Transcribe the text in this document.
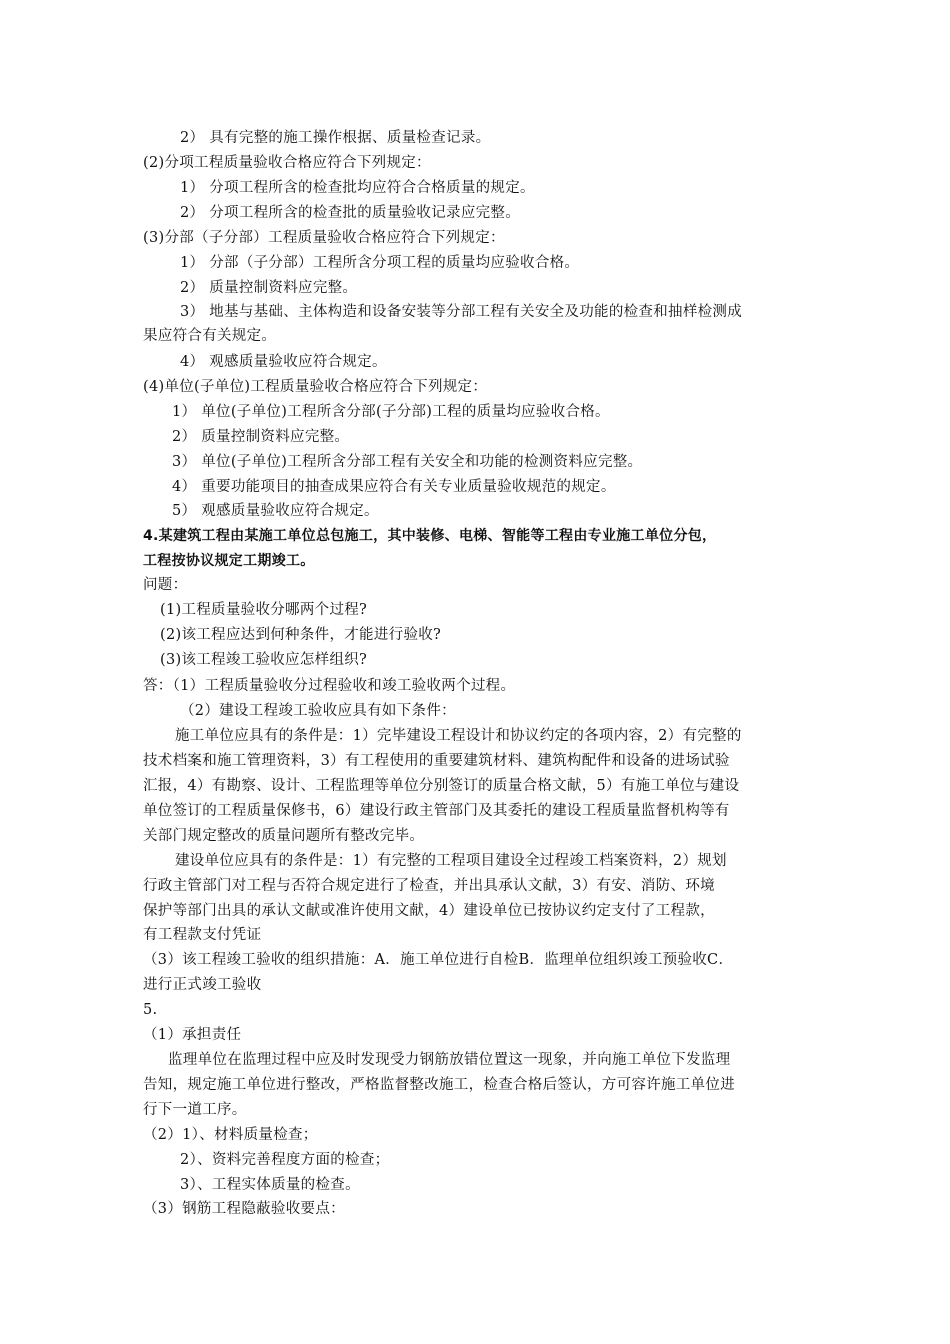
2） 具有完整的施工操作根据、质量检查记录。
(2)分项工程质量验收合格应符合下列规定：
1） 分项工程所含的检查批均应符合合格质量的规定。
2） 分项工程所含的检查批的质量验收记录应完整。
(3)分部（子分部）工程质量验收合格应符合下列规定：
1） 分部（子分部）工程所含分项工程的质量均应验收合格。
2） 质量控制资料应完整。
3） 地基与基础、主体构造和设备安装等分部工程有关安全及功能的检查和抽样检测成
果应符合有关规定。
4） 观感质量验收应符合规定。
(4)单位(子单位)工程质量验收合格应符合下列规定：
1） 单位(子单位)工程所含分部(子分部)工程的质量均应验收合格。
2） 质量控制资料应完整。
3） 单位(子单位)工程所含分部工程有关安全和功能的检测资料应完整。
4） 重要功能项目的抽查成果应符合有关专业质量验收规范的规定。
5） 观感质量验收应符合规定。
4.某建筑工程由某施工单位总包施工，其中装修、电梯、智能等工程由专业施工单位分包，
工程按协议规定工期竣工。
问题：
(1)工程质量验收分哪两个过程?
(2)该工程应达到何种条件，才能进行验收?
(3)该工程竣工验收应怎样组织?
答：（1）工程质量验收分过程验收和竣工验收两个过程。
（2）建设工程竣工验收应具有如下条件：
施工单位应具有的条件是：1）完毕建设工程设计和协议约定的各项内容，2）有完整的
技术档案和施工管理资料，3）有工程使用的重要建筑材料、建筑构配件和设备的进场试验
汇报，4）有勘察、设计、工程监理等单位分别签订的质量合格文献，5）有施工单位与建设
单位签订的工程质量保修书，6）建设行政主管部门及其委托的建设工程质量监督机构等有
关部门规定整改的质量问题所有整改完毕。
建设单位应具有的条件是：1）有完整的工程项目建设全过程竣工档案资料，2）规划
行政主管部门对工程与否符合规定进行了检查，并出具承认文献，3）有安、消防、环境
保护等部门出具的承认文献或准许使用文献，4）建设单位已按协议约定支付了工程款，
有工程款支付凭证
（3）该工程竣工验收的组织措施：A．施工单位进行自检B．监理单位组织竣工预验收C．
进行正式竣工验收
5.
（1）承担责任
监理单位在监理过程中应及时发现受力钢筋放错位置这一现象，并向施工单位下发监理
告知，规定施工单位进行整改，严格监督整改施工，检查合格后签认，方可容许施工单位进
行下一道工序。
（2）1）、材料质量检查；
2）、资料完善程度方面的检查；
3）、工程实体质量的检查。
（3）钢筋工程隐蔽验收要点：
